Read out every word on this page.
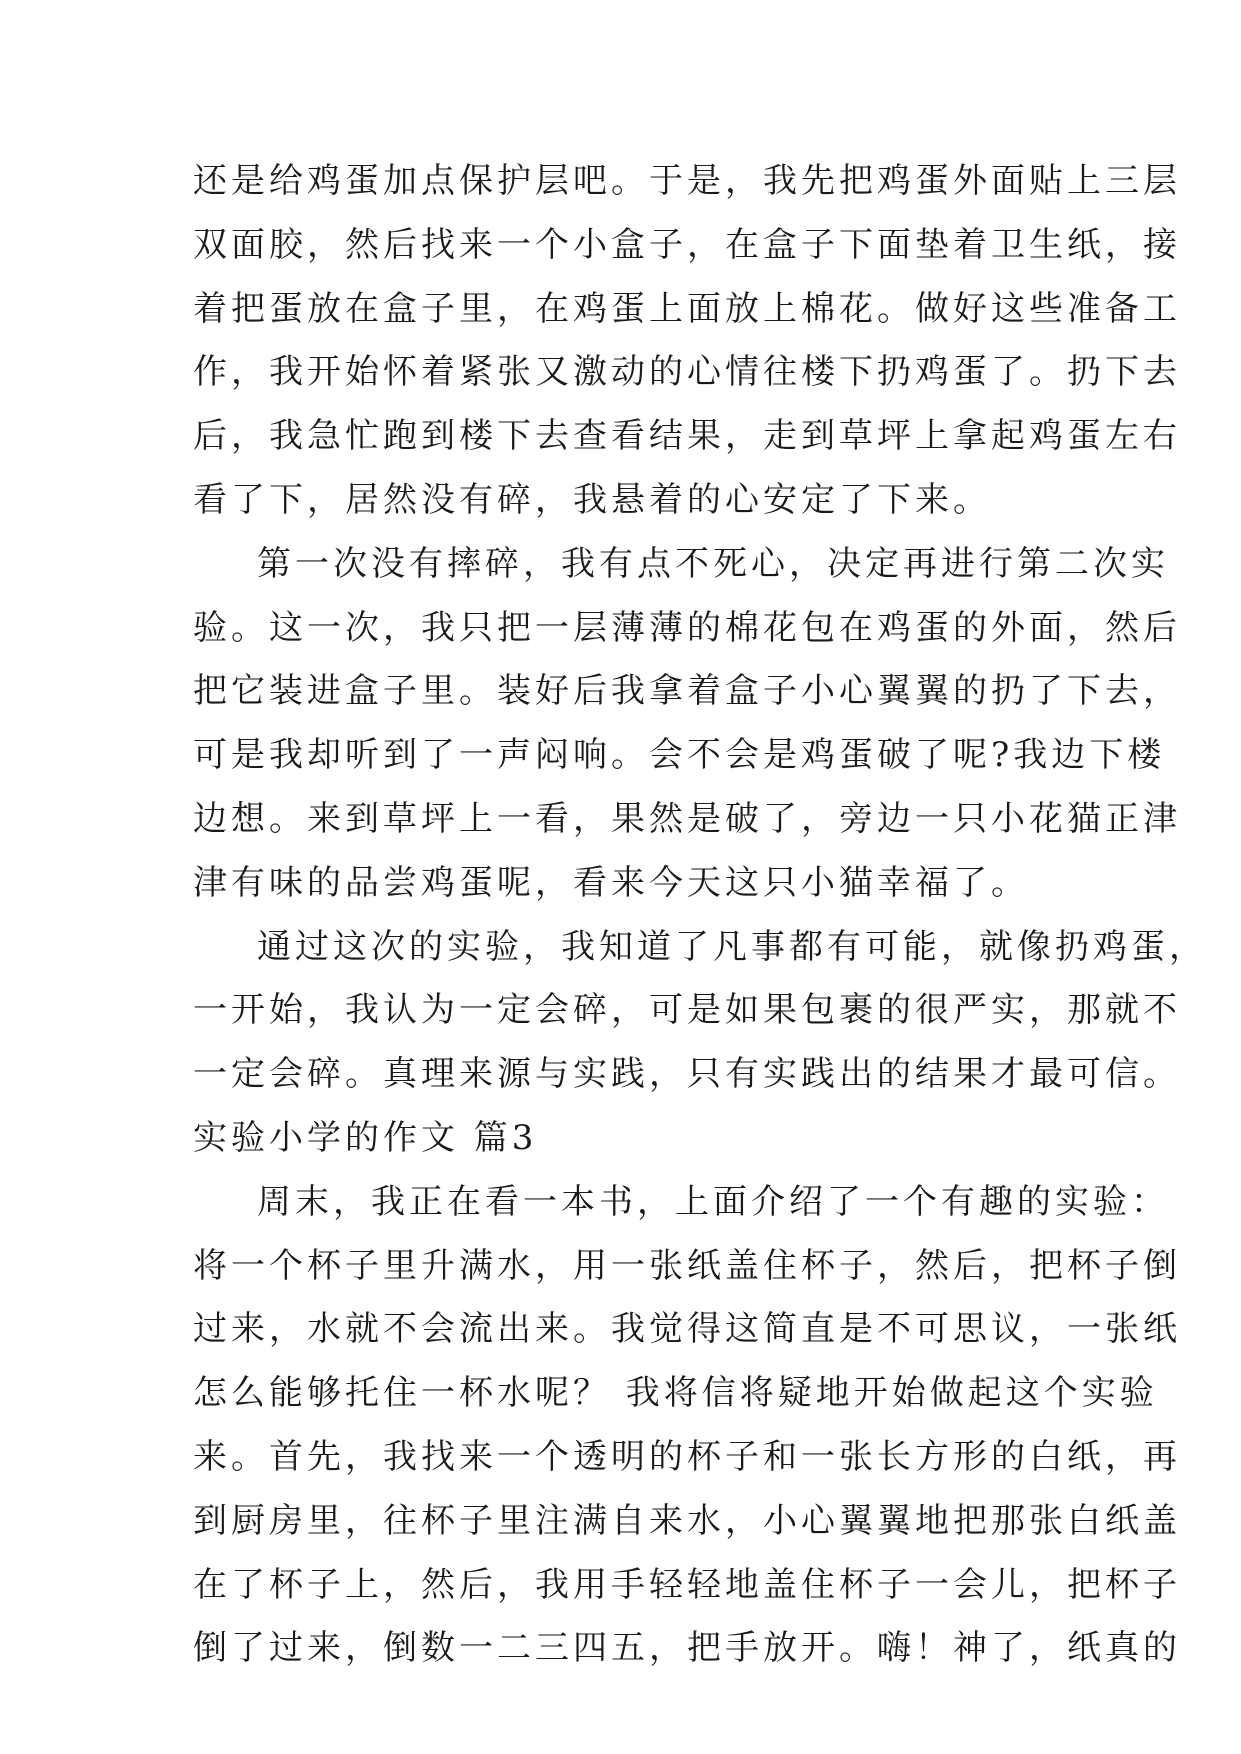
还是给鸡蛋加点保护层吧。于是，我先把鸡蛋外面贴上三层
双面胶，然后找来一个小盒子，在盒子下面垫着卫生纸，接
着把蛋放在盒子里，在鸡蛋上面放上棉花。做好这些准备工
作，我开始怀着紧张又激动的心情往楼下扔鸡蛋了。扔下去
后，我急忙跑到楼下去查看结果，走到草坪上拿起鸡蛋左右
看了下，居然没有碎，我悬着的心安定了下来。
第一次没有摔碎，我有点不死心，决定再进行第二次实
验。这一次，我只把一层薄薄的棉花包在鸡蛋的外面，然后
把它装进盒子里。装好后我拿着盒子小心翼翼的扔了下去，
可是我却听到了一声闷响。会不会是鸡蛋破了呢?我边下楼
边想。来到草坪上一看，果然是破了，旁边一只小花猫正津
津有味的品尝鸡蛋呢，看来今天这只小猫幸福了。
通过这次的实验，我知道了凡事都有可能，就像扔鸡蛋，
一开始，我认为一定会碎，可是如果包裹的很严实，那就不
一定会碎。真理来源与实践，只有实践出的结果才最可信。
实验小学的作文 篇3
周末，我正在看一本书，上面介绍了一个有趣的实验：
将一个杯子里升满水，用一张纸盖住杯子，然后，把杯子倒
过来，水就不会流出来。我觉得这简直是不可思议，一张纸
怎么能够托住一杯水呢？ 我将信将疑地开始做起这个实验
来。首先，我找来一个透明的杯子和一张长方形的白纸，再
到厨房里，往杯子里注满自来水，小心翼翼地把那张白纸盖
在了杯子上，然后，我用手轻轻地盖住杯子一会儿，把杯子
倒了过来，倒数一二三四五，把手放开。嗨！神了，纸真的
